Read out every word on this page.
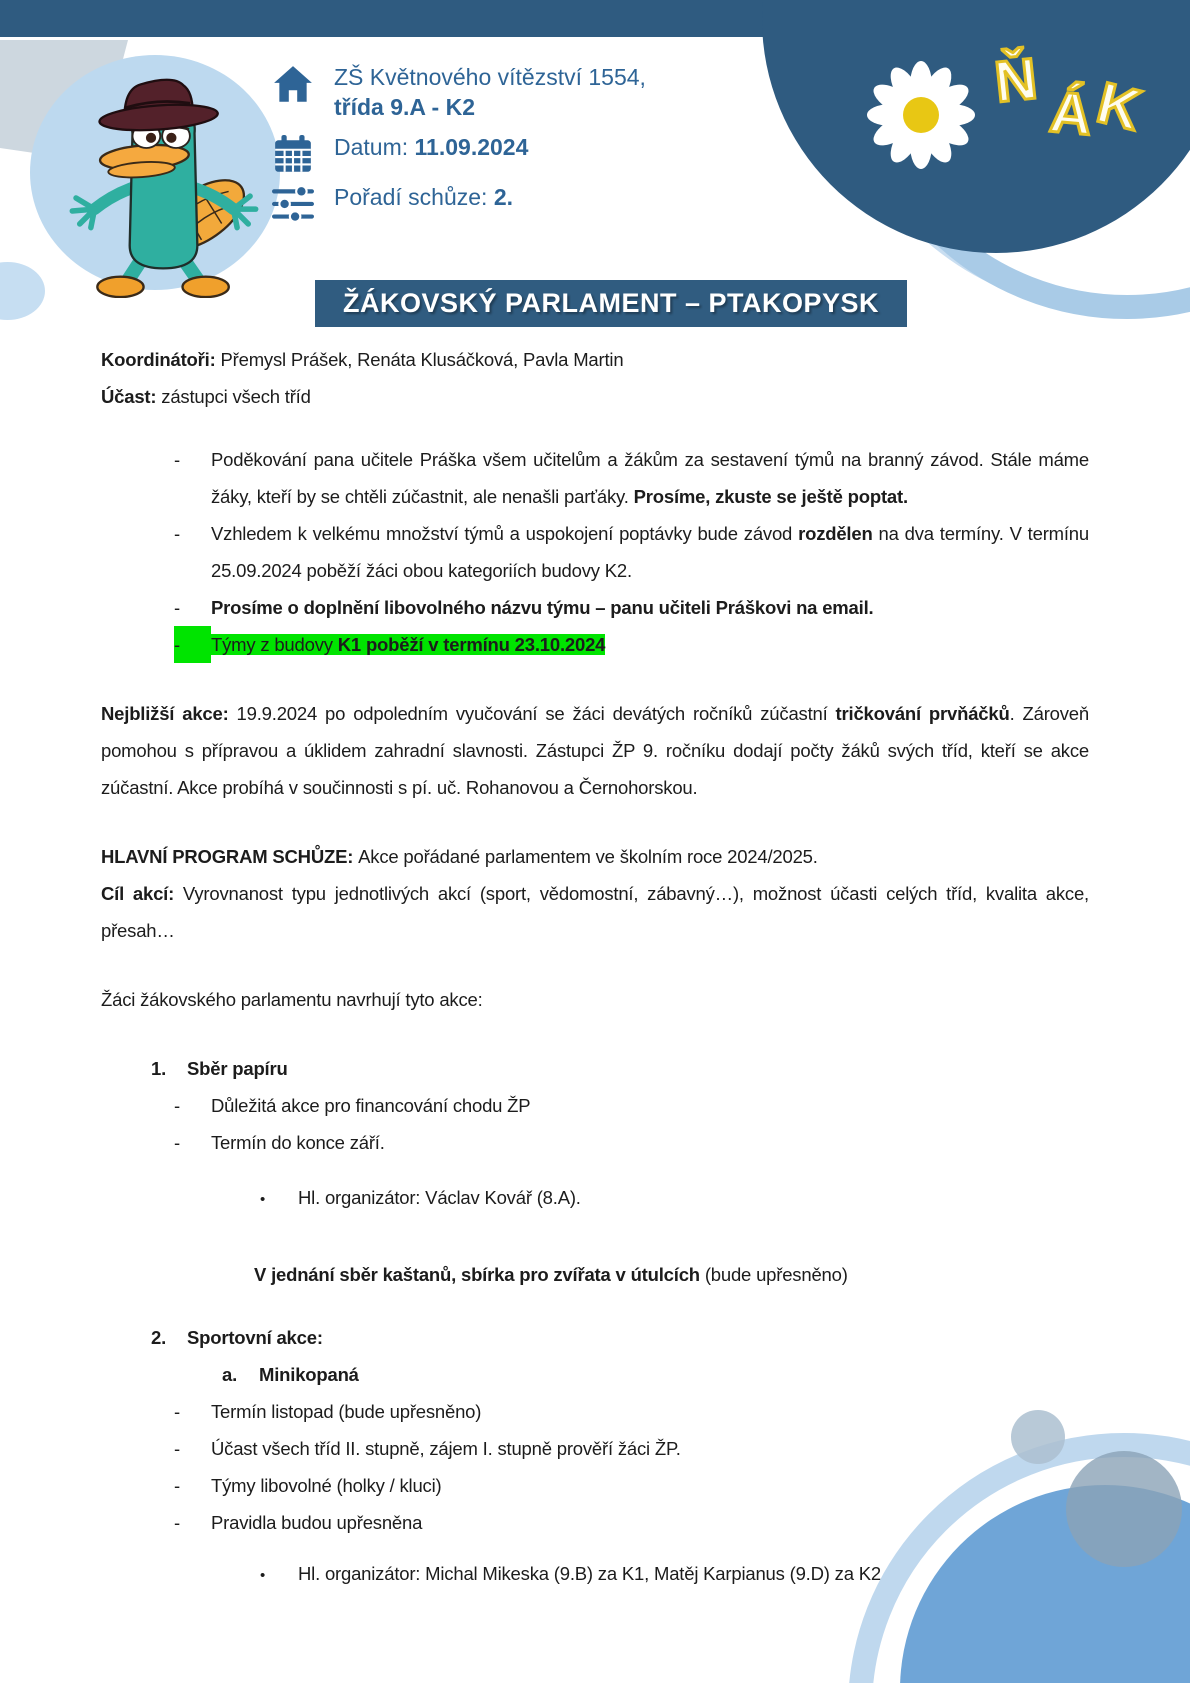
Ň Á
K
ZŠ Květnového vítězství 1554,
třída 9.A - K2
Datum: 11.09.2024
Pořadí schůze: 2.
ŽÁKOVSKÝ PARLAMENT – PTAKOPYSK
Koordinátoři: Přemysl Prášek, Renáta Klusáčková, Pavla Martin
Účast: zástupci všech tříd
- Poděkování pana učitele Práška všem učitelům a žákům za sestavení týmů na branný závod. Stále máme žáky, kteří by se chtěli zúčastnit, ale nenašli parťáky. Prosíme, zkuste se ještě poptat.
- Vzhledem k velkému množství týmů a uspokojení poptávky bude závod rozdělen na dva termíny. V termínu 25.09.2024 poběží žáci obou kategoriích budovy K2.
- Prosíme o doplnění libovolného názvu týmu – panu učiteli Práškovi na email.
- Týmy z budovy K1 poběží v termínu 23.10.2024
Nejbližší akce: 19.9.2024 po odpoledním vyučování se žáci devátých ročníků zúčastní tričkování prvňáčků. Zároveň pomohou s přípravou a úklidem zahradní slavnosti. Zástupci ŽP 9. ročníku dodají počty žáků svých tříd, kteří se akce zúčastní. Akce probíhá v součinnosti s pí. uč. Rohanovou a Černohorskou.
HLAVNÍ PROGRAM SCHŮZE: Akce pořádané parlamentem ve školním roce 2024/2025.
Cíl akcí: Vyrovnanost typu jednotlivých akcí (sport, vědomostní, zábavný…), možnost účasti celých tříd, kvalita akce, přesah…
Žáci žákovského parlamentu navrhují tyto akce:
1. Sběr papíru
- Důležitá akce pro financování chodu ŽP
- Termín do konce září.
• Hl. organizátor: Václav Kovář (8.A).
V jednání sběr kaštanů, sbírka pro zvířata v útulcích (bude upřesněno)
2. Sportovní akce:
a. Minikopaná
- Termín listopad (bude upřesněno)
- Účast všech tříd II. stupně, zájem I. stupně prověří žáci ŽP.
- Týmy libovolné (holky / kluci)
- Pravidla budou upřesněna
• Hl. organizátor: Michal Mikeska (9.B) za K1, Matěj Karpianus (9.D) za K2
